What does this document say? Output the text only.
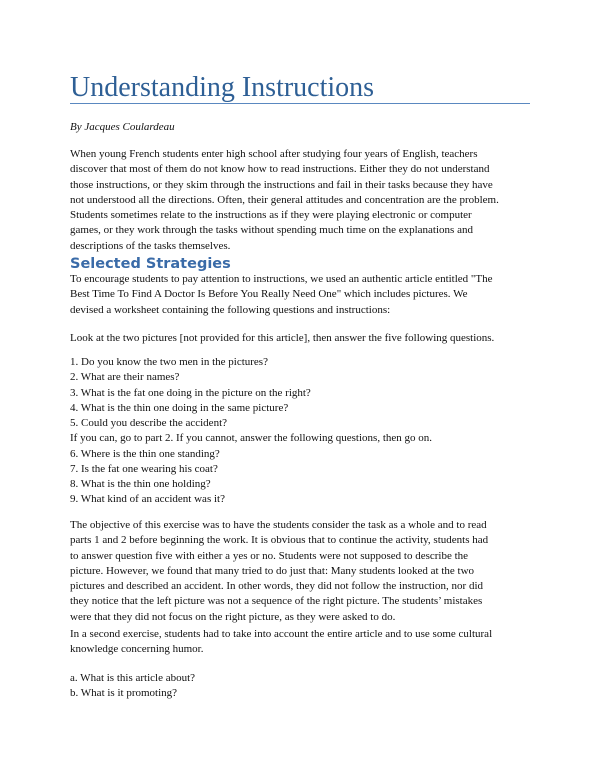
Understanding Instructions

By Jacques Coulardeau

When young French students enter high school after studying four years of English, teachers
discover that most of them do not know how to read instructions. Either they do not understand
those instructions, or they skim through the instructions and fail in their tasks because they have
not understood all the directions. Often, their general attitudes and concentration are the problem.
Students sometimes relate to the instructions as if they were playing electronic or computer
games, or they work through the tasks without spending much time on the explanations and
descriptions of the tasks themselves.

Selected Strategies

To encourage students to pay attention to instructions, we used an authentic article entitled "The
Best Time To Find A Doctor Is Before You Really Need One" which includes pictures. We
devised a worksheet containing the following questions and instructions:

Look at the two pictures [not provided for this article], then answer the five following questions.

1. Do you know the two men in the pictures?
2. What are their names?
3. What is the fat one doing in the picture on the right?
4. What is the thin one doing in the same picture?
5. Could you describe the accident?
If you can, go to part 2. If you cannot, answer the following questions, then go on.
6. Where is the thin one standing?
7. Is the fat one wearing his coat?
8. What is the thin one holding?
9. What kind of an accident was it?

The objective of this exercise was to have the students consider the task as a whole and to read
parts 1 and 2 before beginning the work. It is obvious that to continue the activity, students had
to answer question five with either a yes or no. Students were not supposed to describe the
picture. However, we found that many tried to do just that: Many students looked at the two
pictures and described an accident. In other words, they did not follow the instruction, nor did
they notice that the left picture was not a sequence of the right picture. The students’ mistakes
were that they did not focus on the right picture, as they were asked to do.

In a second exercise, students had to take into account the entire article and to use some cultural
knowledge concerning humor.

a. What is this article about?
b. What is it promoting?
